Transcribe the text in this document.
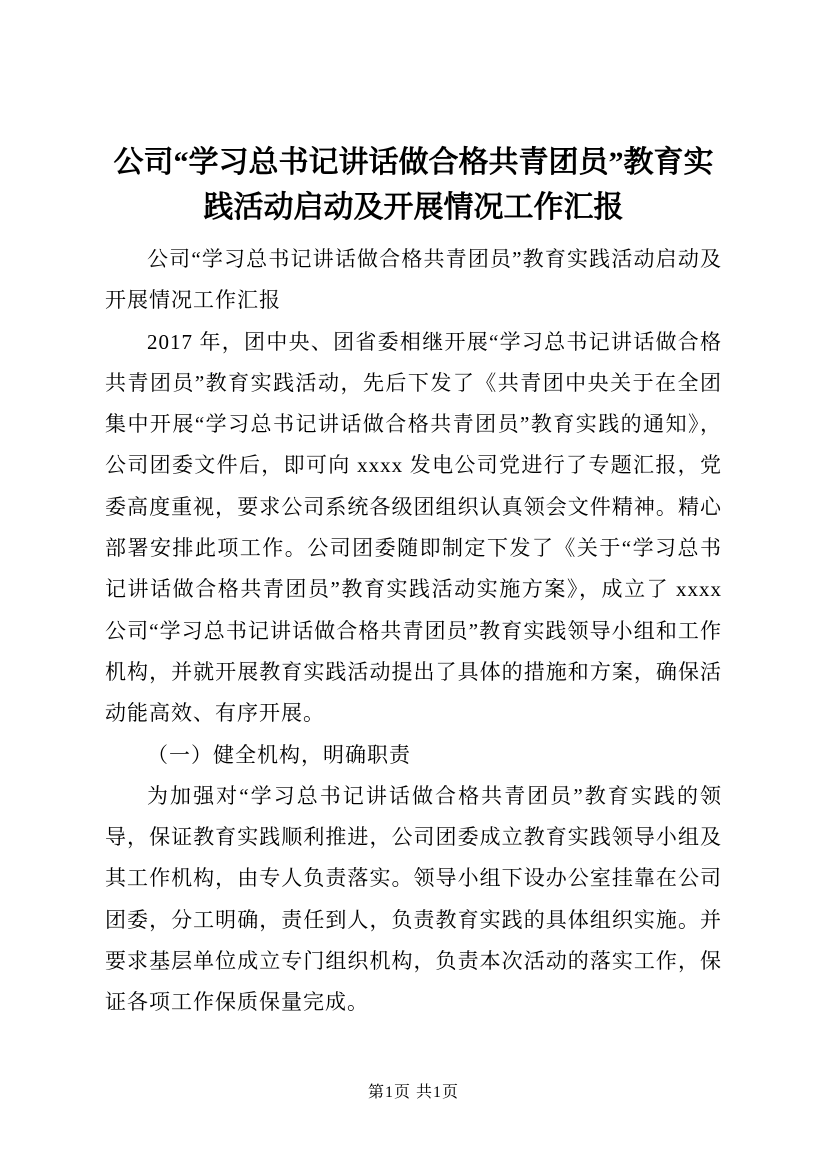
公司“学习总书记讲话做合格共青团员”教育实践活动启动及开展情况工作汇报

公司“学习总书记讲话做合格共青团员”教育实践活动启动及开展情况工作汇报

2017 年，团中央、团省委相继开展“学习总书记讲话做合格共青团员”教育实践活动，先后下发了《共青团中央关于在全团集中开展“学习总书记讲话做合格共青团员”教育实践的通知》，公司团委文件后，即可向 xxxx 发电公司党进行了专题汇报，党委高度重视，要求公司系统各级团组织认真领会文件精神。精心部署安排此项工作。公司团委随即制定下发了《关于“学习总书记讲话做合格共青团员”教育实践活动实施方案》，成立了 xxxx 公司“学习总书记讲话做合格共青团员”教育实践领导小组和工作机构，并就开展教育实践活动提出了具体的措施和方案，确保活动能高效、有序开展。

（一）健全机构，明确职责

为加强对“学习总书记讲话做合格共青团员”教育实践的领导，保证教育实践顺利推进，公司团委成立教育实践领导小组及其工作机构，由专人负责落实。领导小组下设办公室挂靠在公司团委，分工明确，责任到人，负责教育实践的具体组织实施。并要求基层单位成立专门组织机构，负责本次活动的落实工作，保证各项工作保质保量完成。

第1页 共1页
